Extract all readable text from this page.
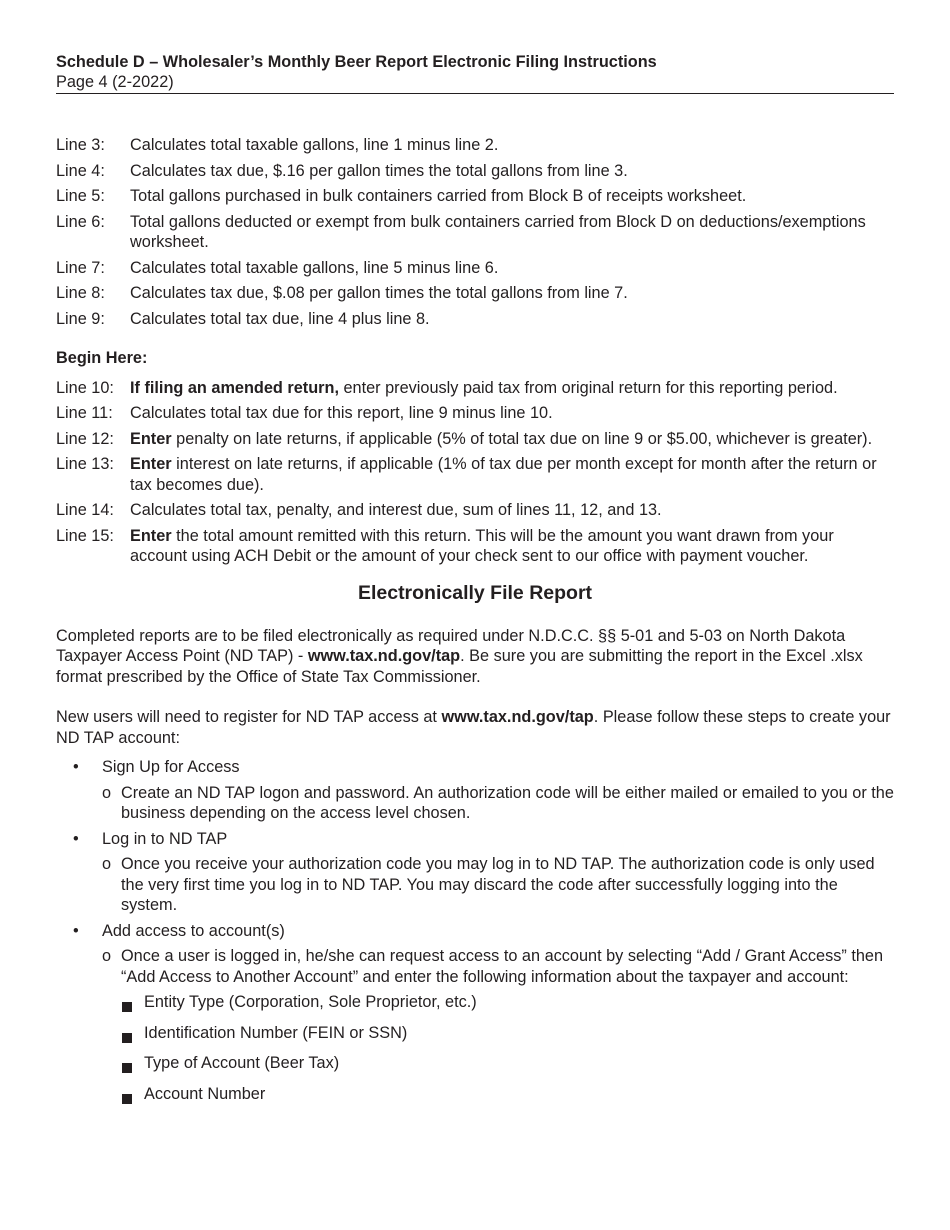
Schedule D – Wholesaler’s Monthly Beer Report Electronic Filing Instructions
Page 4 (2-2022)
Line 3:	Calculates total taxable gallons, line 1 minus line 2.
Line 4:	Calculates tax due, $.16 per gallon times the total gallons from line 3.
Line 5:	Total gallons purchased in bulk containers carried from Block B of receipts worksheet.
Line 6:	Total gallons deducted or exempt from bulk containers carried from Block D on deductions/exemptions worksheet.
Line 7:	Calculates total taxable gallons, line 5 minus line 6.
Line 8:	Calculates tax due, $.08 per gallon times the total gallons from line 7.
Line 9:	Calculates total tax due, line 4 plus line 8.
Begin Here:
Line 10: If filing an amended return, enter previously paid tax from original return for this reporting period.
Line 11:	Calculates total tax due for this report, line 9 minus line 10.
Line 12: Enter penalty on late returns, if applicable (5% of total tax due on line 9 or $5.00, whichever is greater).
Line 13: Enter interest on late returns, if applicable (1% of tax due per month except for month after the return or tax becomes due).
Line 14: Calculates total tax, penalty, and interest due, sum of lines 11, 12, and 13.
Line 15: Enter the total amount remitted with this return. This will be the amount you want drawn from your account using ACH Debit or the amount of your check sent to our office with payment voucher.
Electronically File Report

Completed reports are to be filed electronically as required under N.D.C.C. §§ 5-01 and 5-03 on North Dakota Taxpayer Access Point (ND TAP) - www.tax.nd.gov/tap. Be sure you are submitting the report in the Excel .xlsx format prescribed by the Office of State Tax Commissioner.

New users will need to register for ND TAP access at www.tax.nd.gov/tap. Please follow these steps to create your ND TAP account:

•	Sign Up for Access
o Create an ND TAP logon and password. An authorization code will be either mailed or emailed to you or the business depending on the access level chosen.
•	Log in to ND TAP
o Once you receive your authorization code you may log in to ND TAP. The authorization code is only used the very first time you log in to ND TAP. You may discard the code after successfully logging into the system.
•	Add access to account(s)
o Once a user is logged in, he/she can request access to an account by selecting “Add / Grant Access” then “Add Access to Another Account” and enter the following information about the taxpayer and account:
Entity Type (Corporation, Sole Proprietor, etc.)
Identification Number (FEIN or SSN)
Type of Account (Beer Tax)
Account Number
